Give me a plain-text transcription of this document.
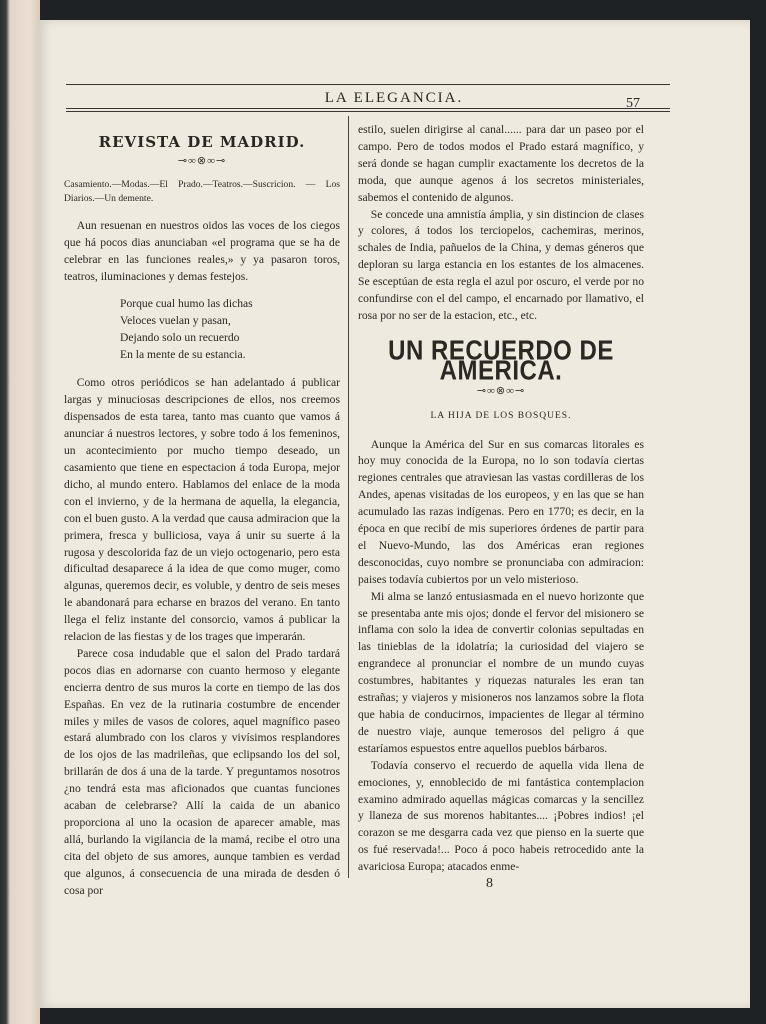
LA ELEGANCIA.	57
REVISTA DE MADRID.
⊸∞⊗∞⊸

Casamiento.—Modas.—El Prado.—Teatros.—Suscricion. — Los Diarios.—Un demente.

Aun resuenan en nuestros oidos las voces de los ciegos que há pocos dias anunciaban «el programa que se ha de celebrar en las funciones reales,» y ya pasaron toros, teatros, iluminaciones y demas festejos.

Porque cual humo las dichas
Veloces vuelan y pasan,
Dejando solo un recuerdo
En la mente de su estancia.

Como otros periódicos se han adelantado á publicar largas y minuciosas descripciones de ellos, nos creemos dispensados de esta tarea, tanto mas cuanto que vamos á anunciar á nuestros lectores, y sobre todo á los femeninos, un acontecimiento por mucho tiempo deseado, un casamiento que tiene en espectacion á toda Europa, mejor dicho, al mundo entero. Hablamos del enlace de la moda con el invierno, y de la hermana de aquella, la elegancia, con el buen gusto. A la verdad que causa admiracion que la primera, fresca y bulliciosa, vaya á unir su suerte á la rugosa y descolorida faz de un viejo octogenario, pero esta dificultad desaparece á la idea de que como muger, como algunas, queremos decir, es voluble, y dentro de seis meses le abandonará para echarse en brazos del verano. En tanto llega el feliz instante del consorcio, vamos á publicar la relacion de las fiestas y de los trages que imperarán.

Parece cosa indudable que el salon del Prado tardará pocos dias en adornarse con cuanto hermoso y elegante encierra dentro de sus muros la corte en tiempo de las dos Españas. En vez de la rutinaria costumbre de encender miles y miles de vasos de colores, aquel magnífico paseo estará alumbrado con los claros y vivísimos resplandores de los ojos de las madrileñas, que eclipsando los del sol, brillarán de dos á una de la tarde. Y preguntamos nosotros ¿no tendrá esta mas aficionados que cuantas funciones acaban de celebrarse? Allí la caida de un abanico proporciona al uno la ocasion de aparecer amable, mas allá, burlando la vigilancia de la mamá, recibe el otro una cita del objeto de sus amores, aunque tambien es verdad que algunos, á consecuencia de una mirada de desden ó cosa por

estilo, suelen dirigirse al canal...... para dar un paseo por el campo. Pero de todos modos el Prado estará magnífico, y será donde se hagan cumplir exactamente los decretos de la moda, que aunque agenos á los secretos ministeriales, sabemos el contenido de algunos.

Se concede una amnistía ámplia, y sin distincion de clases y colores, á todos los terciopelos, cachemiras, merinos, schales de India, pañuelos de la China, y demas géneros que deploran su larga estancia en los estantes de los almacenes. Se esceptúan de esta regla el azul por oscuro, el verde por no confundirse con el del campo, el encarnado por llamativo, el rosa por no ser de la estacion, etc., etc.

UN RECUERDO DE AMERICA.
⊸∞⊗∞⊸
LA HIJA DE LOS BOSQUES.

Aunque la América del Sur en sus comarcas litorales es hoy muy conocida de la Europa, no lo son todavía ciertas regiones centrales que atraviesan las vastas cordilleras de los Andes, apenas visitadas de los europeos, y en las que se han acumulado las razas indígenas. Pero en 1770; es decir, en la época en que recibí de mis superiores órdenes de partir para el Nuevo-Mundo, las dos Américas eran regiones desconocidas, cuyo nombre se pronunciaba con admiracion: paises todavía cubiertos por un velo misterioso.

Mi alma se lanzó entusiasmada en el nuevo horizonte que se presentaba ante mis ojos; donde el fervor del misionero se inflama con solo la idea de convertir colonias sepultadas en las tinieblas de la idolatría; la curiosidad del viajero se engrandece al pronunciar el nombre de un mundo cuyas costumbres, habitantes y riquezas naturales les eran tan estrañas; y viajeros y misioneros nos lanzamos sobre la flota que habia de conducirnos, impacientes de llegar al término de nuestro viaje, aunque temerosos del peligro á que estaríamos espuestos entre aquellos pueblos bárbaros.

Todavía conservo el recuerdo de aquella vida llena de emociones, y, ennoblecido de mi fantástica contemplacion examino admirado aquellas mágicas comarcas y la sencillez y llaneza de sus morenos habitantes.... ¡Pobres indios! ¡el corazon se me desgarra cada vez que pienso en la suerte que os fué reservada!... Poco á poco habeis retrocedido ante la avariciosa Europa; atacados enme-

8
